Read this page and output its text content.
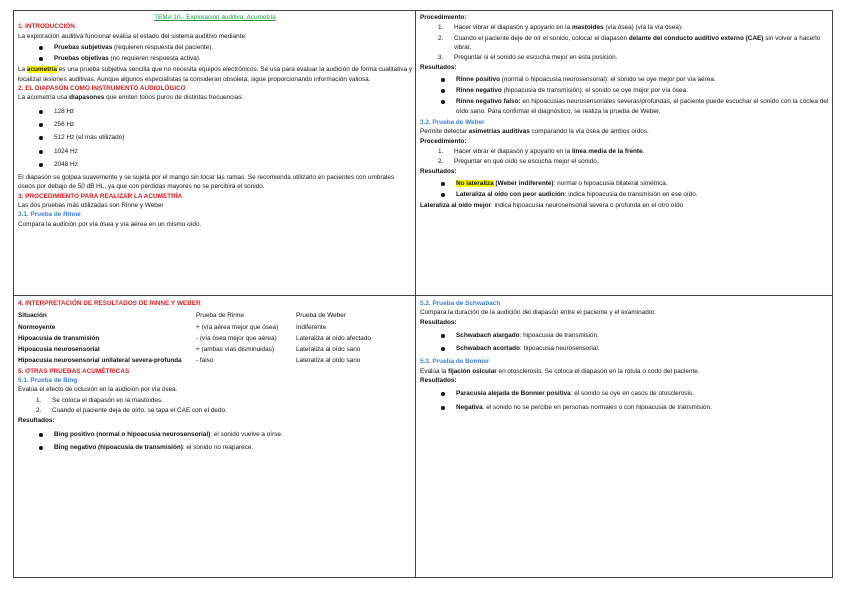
TEMA 10.- Exploración auditiva. Acumetría

1. INTRODUCCIÓN

La exploración auditiva funcional evalúa el estado del sistema auditivo mediante:

Pruebas subjetivas (requieren respuesta del paciente).

Pruebas objetivas (no requieren respuesta activa).

La acumetría es una prueba subjetiva sencilla que no necesita equipos electrónicos. Se usa para evaluar la audición de forma cualitativa y localizar lesiones auditivas. Aunque algunos especialistas la consideran obsoleta, sigue proporcionando información valiosa.

2. EL DIAPASÓN COMO INSTRUMENTO AUDIOLÓGICO

La acumetría usa diapasones que emiten tonos puros de distintas frecuencias:

128 Hz

256 Hz

512 Hz (el más utilizado)

1024 Hz

2048 Hz

El diapasón se golpea suavemente y se sujeta por el mango sin tocar las ramas. Se recomienda utilizarlo en pacientes con umbrales óseos por debajo de 50 dB HL, ya que con pérdidas mayores no se percibirá el sonido.

3. PROCEDIMIENTO PARA REALIZAR LA ACUMETRÍA

Las dos pruebas más utilizadas son Rinne y Weber

3.1. Prueba de Rinne

Compara la audición por vía ósea y vía aérea en un mismo oído.

Procedimiento:

1. Hacer vibrar el diapasón y apoyarlo en la mastoides (vía ósea) (vía la vía ósea).

2. Cuando el paciente deje de oír el sonido, colocar el diapasón delante del conducto auditivo externo (CAE) sin volver a hacerlo vibrar.

3. Preguntar si el sonido se escucha mejor en esta posición.

Resultados:

Rinne positivo (normal o hipoacusia neurosensorial): el sonido se oye mejor por vía aérea.

Rinne negativo (hipoacusia de transmisión): el sonido se oye mejor por vía ósea.

Rinne negativo falso: en hipoacusias neurosensoriales severas/profundas, el paciente puede escuchar el sonido con la cóclea del oído sano. Para confirmar el diagnóstico, se realiza la prueba de Weber.

3.2. Prueba de Weber

Permite detectar asimetrías auditivas comparando la vía ósea de ambos oídos.

Procedimiento:

1. Hacer vibrar el diapasón y apoyarlo en la línea media de la frente.

2. Preguntar en qué oído se escucha mejor el sonido.

Resultados:

No lateraliza (Weber indiferente): normal o hipoacusia bilateral simétrica.

Lateraliza al oído con peor audición: indica hipoacusia de transmisión en ese oído.

Lateraliza al oído mejor: indica hipoacusia neurosensorial severa o profunda en el otro oído

4. INTERPRETACIÓN DE RESULTADOS DE RINNE Y WEBER

Situación	Prueba de Rinne	Prueba de Weber
Normoyente	+ (vía aérea mejor que ósea)	Indiferente
Hipoacusia de transmisión	- (vía ósea mejor que aérea)	Lateraliza al oído afectado
Hipoacusia neurosensorial	+ (ambas vías disminuidas)	Lateraliza al oído sano
Hipoacusia neurosensorial unilateral severa-profunda	- falso	Lateraliza al oído sano

5. OTRAS PRUEBAS ACUMÉTRICAS

5.1. Prueba de Bing

Evalúa el efecto de oclusión en la audición por vía ósea.

1. Se coloca el diapasón en la mastoides.

2. Cuando el paciente deja de oírlo, se tapa el CAE con el dedo.

Resultados:

Bing positivo (normal o hipoacusia neurosensorial): el sonido vuelve a oírse.

Bing negativo (hipoacusia de transmisión): el sonido no reaparece.

5.2. Prueba de Schwabach

Compara la duración de la audición del diapasón entre el paciente y el examinador.

Resultados:

Schwabach alargado: hipoacusia de transmisión.

Schwabach acortado: hipoacusia neurosensorial.

5.3. Prueba de Bonnier

Evalúa la fijación osicular en otosclerosis. Se coloca el diapasón en la rótula o codo del paciente.

Resultados:

Paracusia alejada de Bonnier positiva: el sonido se oye en casos de otosclerosis.

Negativa: el sonido no se percibe en personas normales o con hipoacusia de transmisión.
